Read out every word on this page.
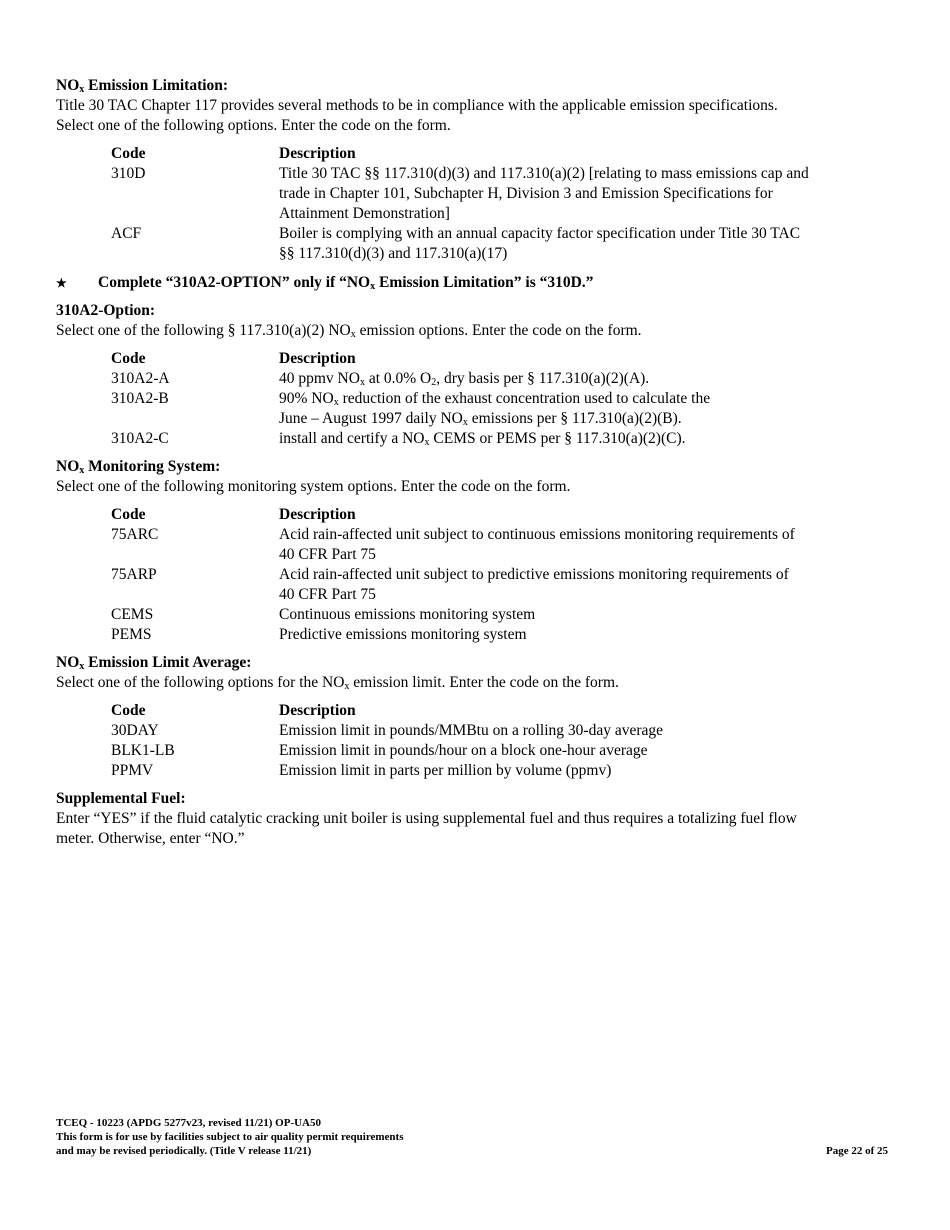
$NO_x$ Emission Limitation:
Title 30 TAC Chapter 117 provides several methods to be in compliance with the applicable emission specifications.
Select one of the following options. Enter the code on the form.
Code	Description
310D	Title 30 TAC §§ 117.310(d)(3) and 117.310(a)(2) [relating to mass emissions cap and
trade in Chapter 101, Subchapter H, Division 3 and Emission Specifications for
Attainment Demonstration]
ACF	Boiler is complying with an annual capacity factor specification under Title 30 TAC
§§ 117.310(d)(3) and 117.310(a)(17)
★	Complete “310A2-OPTION” only if “$NO_x$ Emission Limitation” is “310D.”
310A2-Option:
Select one of the following § 117.310(a)(2) $NO_x$ emission options. Enter the code on the form.
Code	Description
310A2-A	40 ppmv $NO_x$ at 0.0% $O_2$, dry basis per § 117.310(a)(2)(A).
310A2-B	90% $NO_x$ reduction of the exhaust concentration used to calculate the
June – August 1997 daily $NO_x$ emissions per § 117.310(a)(2)(B).
310A2-C	install and certify a $NO_x$ CEMS or PEMS per § 117.310(a)(2)(C).
$NO_x$ Monitoring System:
Select one of the following monitoring system options. Enter the code on the form.
Code	Description
75ARC	Acid rain-affected unit subject to continuous emissions monitoring requirements of
40 CFR Part 75
75ARP	Acid rain-affected unit subject to predictive emissions monitoring requirements of
40 CFR Part 75
CEMS	Continuous emissions monitoring system
PEMS	Predictive emissions monitoring system
$NO_x$ Emission Limit Average:
Select one of the following options for the $NO_x$ emission limit. Enter the code on the form.
Code	Description
30DAY	Emission limit in pounds/MMBtu on a rolling 30-day average
BLK1-LB	Emission limit in pounds/hour on a block one-hour average
PPMV	Emission limit in parts per million by volume (ppmv)
Supplemental Fuel:
Enter “YES” if the fluid catalytic cracking unit boiler is using supplemental fuel and thus requires a totalizing fuel flow
meter. Otherwise, enter “NO.”
TCEQ - 10223 (APDG 5277v23, revised 11/21) OP-UA50
This form is for use by facilities subject to air quality permit requirements
and may be revised periodically. (Title V release 11/21)	Page 22 of 25
